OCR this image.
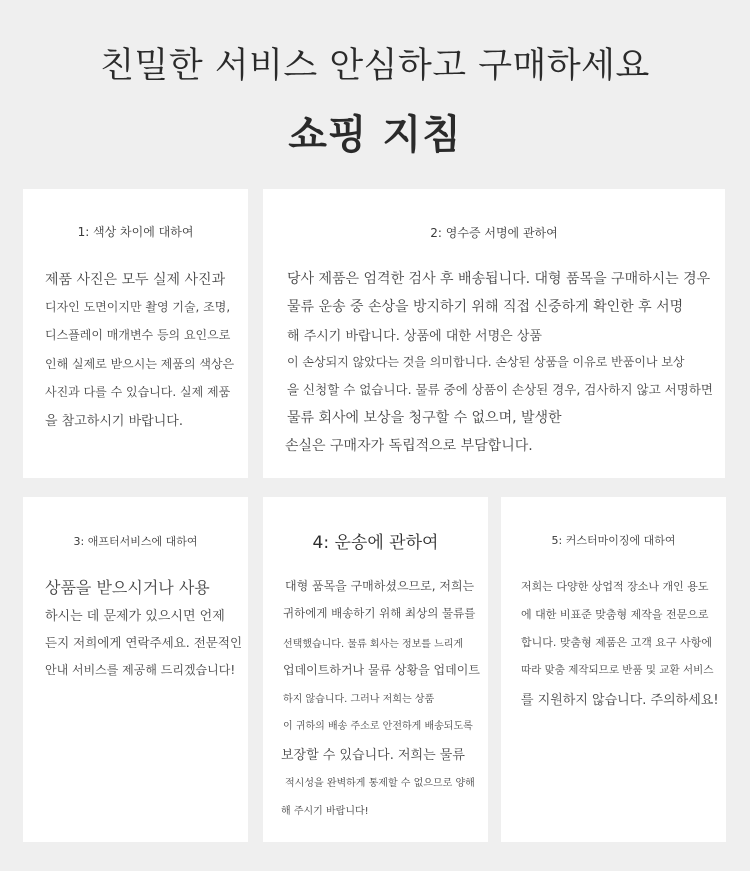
친밀한 서비스 안심하고 구매하세요
쇼핑 지침
1: 색상 차이에 대하여
제품 사진은 모두 실제 사진과
디자인 도면이지만 촬영 기술, 조명,
디스플레이 매개변수 등의 요인으로
인해 실제로 받으시는 제품의 색상은
사진과 다를 수 있습니다. 실제 제품
을 참고하시기 바랍니다.
2: 영수증 서명에 관하여
당사 제품은 엄격한 검사 후 배송됩니다. 대형 품목을 구매하시는 경우
물류 운송 중 손상을 방지하기 위해 직접 신중하게 확인한 후 서명
해 주시기 바랍니다. 상품에 대한 서명은 상품
이 손상되지 않았다는 것을 의미합니다. 손상된 상품을 이유로 반품이나 보상
을 신청할 수 없습니다. 물류 중에 상품이 손상된 경우, 검사하지 않고 서명하면
물류 회사에 보상을 청구할 수 없으며, 발생한
손실은 구매자가 독립적으로 부담합니다.
3: 애프터서비스에 대하여
상품을 받으시거나 사용
하시는 데 문제가 있으시면 언제
든지 저희에게 연락주세요. 전문적인
안내 서비스를 제공해 드리겠습니다!
4: 운송에 관하여
대형 품목을 구매하셨으므로, 저희는
귀하에게 배송하기 위해 최상의 물류를
선택했습니다. 물류 회사는 정보를 느리게
업데이트하거나 물류 상황을 업데이트
하지 않습니다. 그러나 저희는 상품
이 귀하의 배송 주소로 안전하게 배송되도록
보장할 수 있습니다. 저희는 물류
적시성을 완벽하게 통제할 수 없으므로 양해
해 주시기 바랍니다!
5: 커스터마이징에 대하여
저희는 다양한 상업적 장소나 개인 용도
에 대한 비표준 맞춤형 제작을 전문으로
합니다. 맞춤형 제품은 고객 요구 사항에
따라 맞춤 제작되므로 반품 및 교환 서비스
를 지원하지 않습니다. 주의하세요!
